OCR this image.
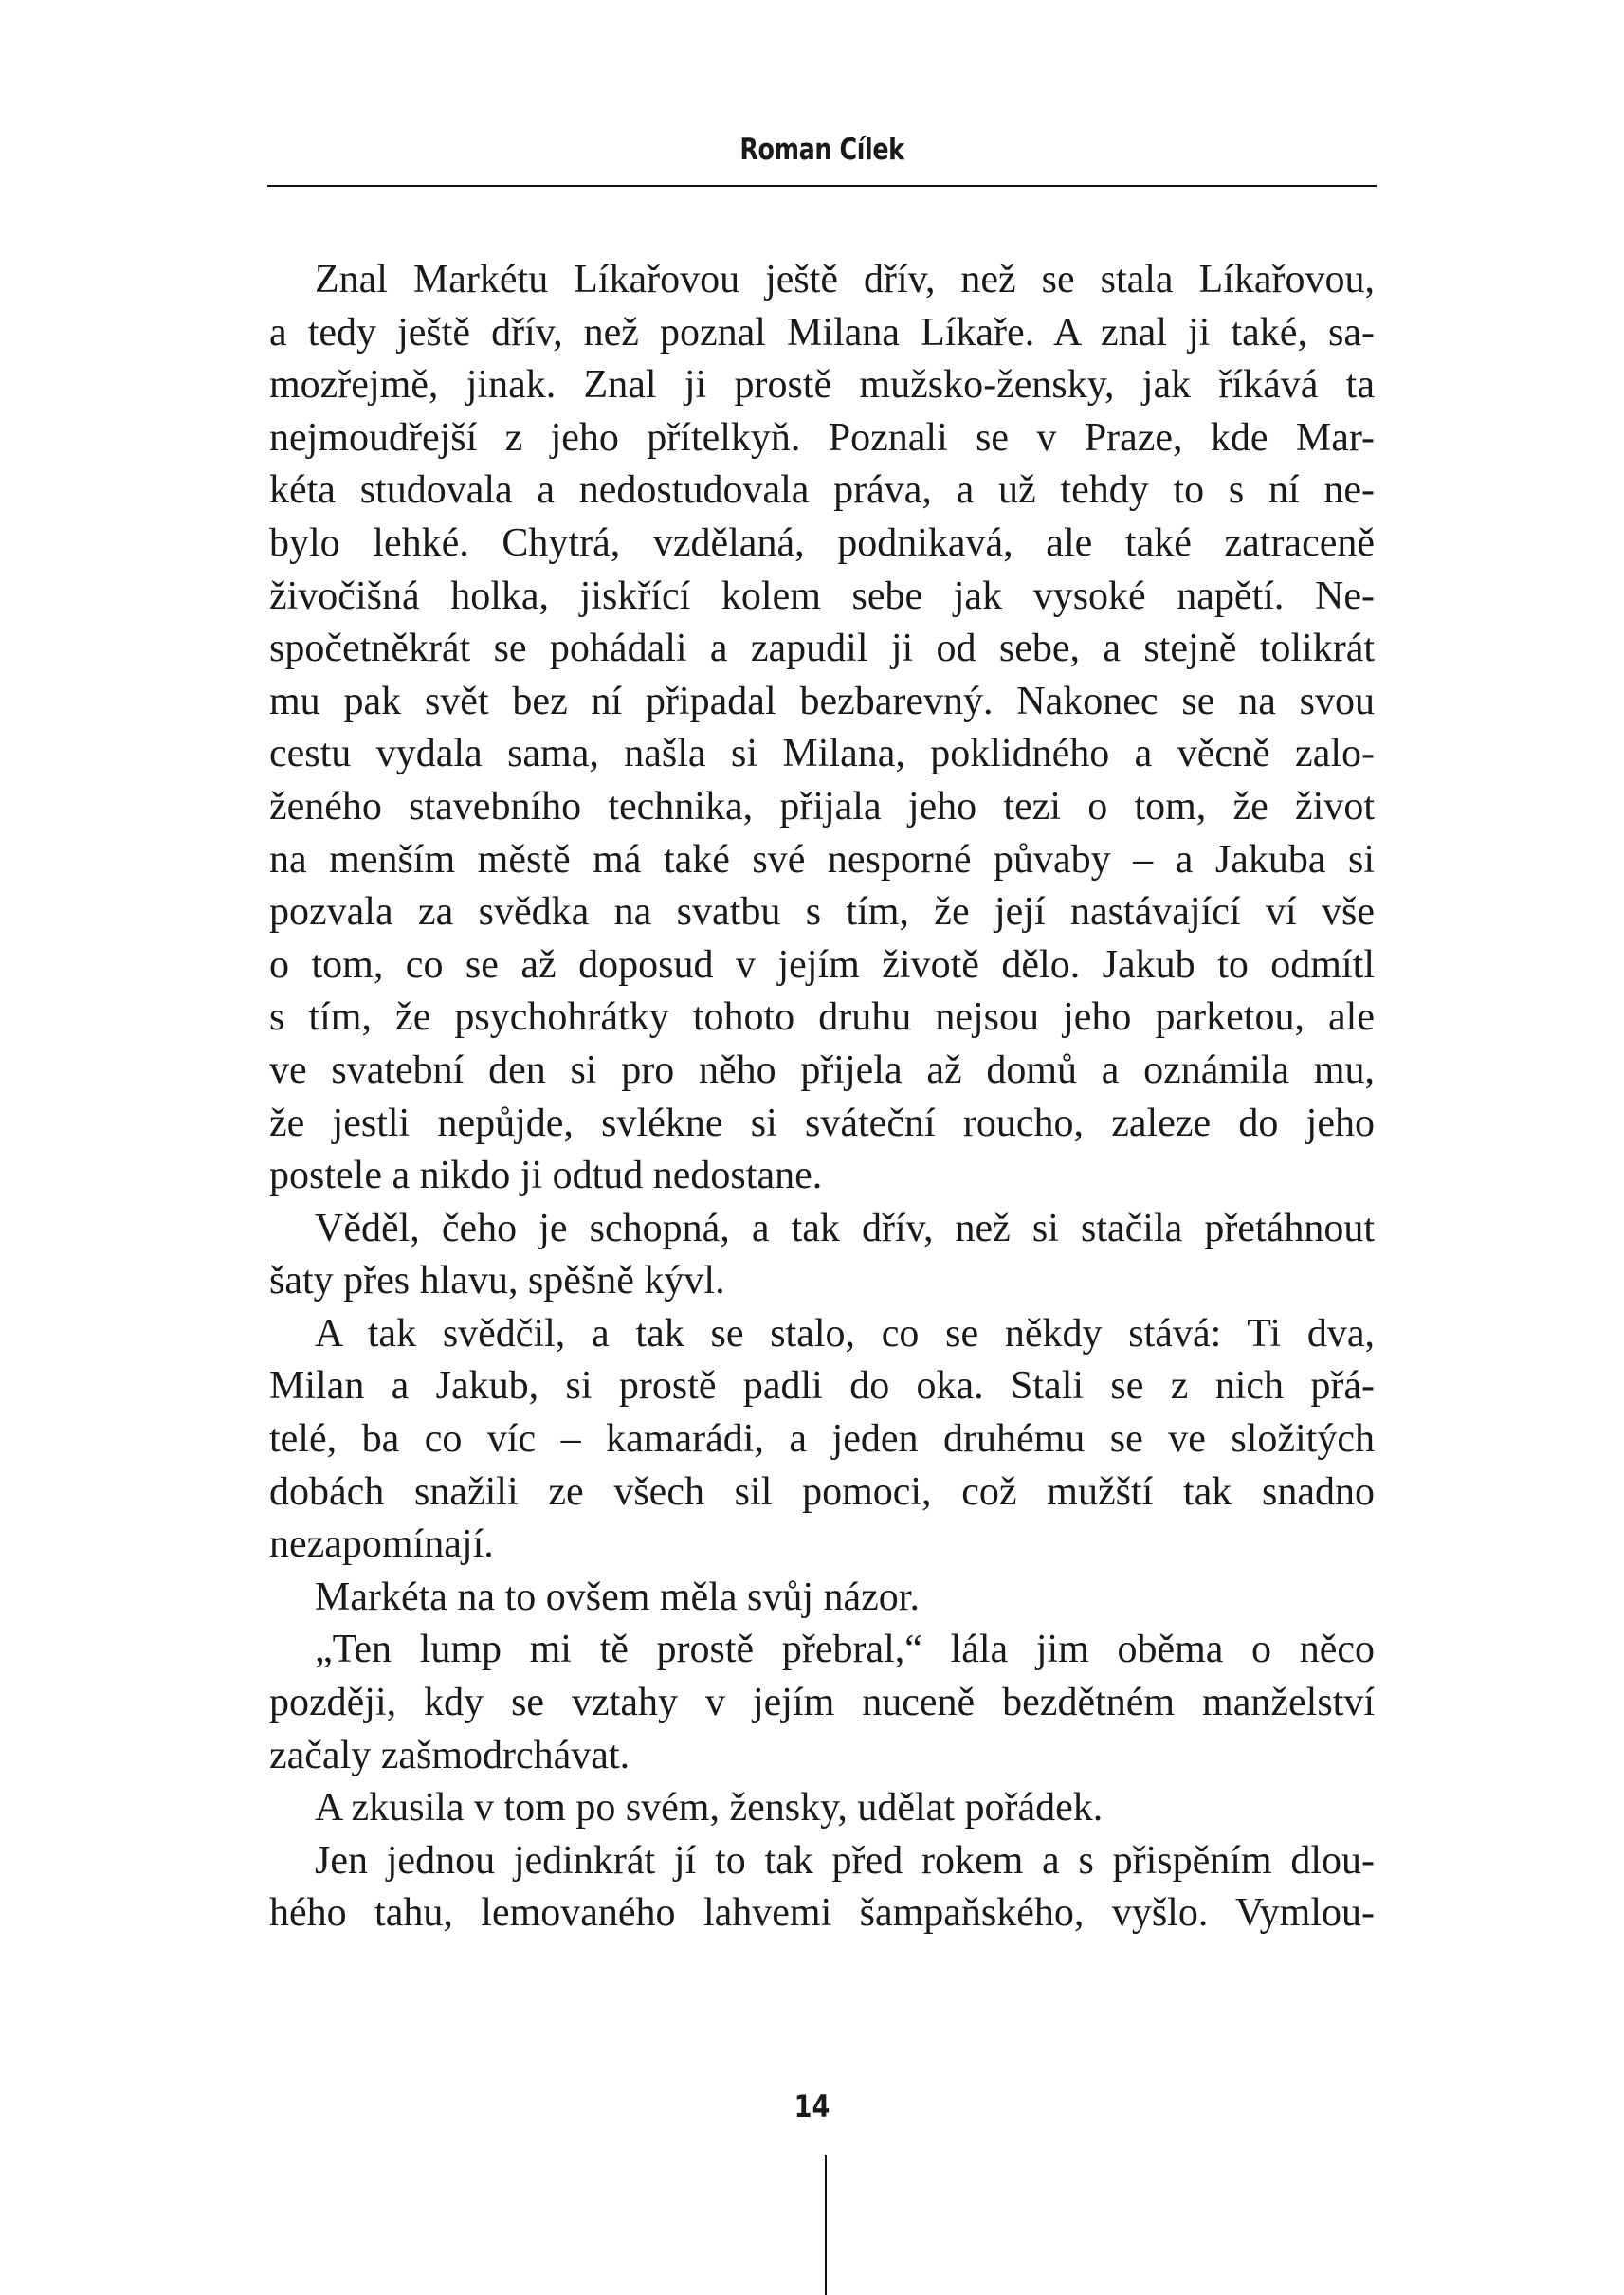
Roman Cílek
Znal Markétu Líkařovou ještě dřív, než se stala Líkařovou,
a tedy ještě dřív, než poznal Milana Líkaře. A znal ji také, sa-
mozřejmě, jinak. Znal ji prostě mužsko-žensky, jak říkává ta
nejmoudřejší z jeho přítelkyň. Poznali se v Praze, kde Mar-
kéta studovala a nedostudovala práva, a už tehdy to s ní ne-
bylo lehké. Chytrá, vzdělaná, podnikavá, ale také zatraceně
živočišná holka, jiskřící kolem sebe jak vysoké napětí. Ne-
spočetněkrát se pohádali a zapudil ji od sebe, a stejně tolikrát
mu pak svět bez ní připadal bezbarevný. Nakonec se na svou
cestu vydala sama, našla si Milana, poklidného a věcně zalo-
ženého stavebního technika, přijala jeho tezi o tom, že život
na menším městě má také své nesporné půvaby – a Jakuba si
pozvala za svědka na svatbu s tím, že její nastávající ví vše
o tom, co se až doposud v jejím životě dělo. Jakub to odmítl
s tím, že psychohrátky tohoto druhu nejsou jeho parketou, ale
ve svatební den si pro něho přijela až domů a oznámila mu,
že jestli nepůjde, svlékne si sváteční roucho, zaleze do jeho
postele a nikdo ji odtud nedostane.
Věděl, čeho je schopná, a tak dřív, než si stačila přetáhnout
šaty přes hlavu, spěšně kývl.
A tak svědčil, a tak se stalo, co se někdy stává: Ti dva,
Milan a Jakub, si prostě padli do oka. Stali se z nich přá-
telé, ba co víc – kamarádi, a jeden druhému se ve složitých
dobách snažili ze všech sil pomoci, což mužští tak snadno
nezapomínají.
Markéta na to ovšem měla svůj názor.
„Ten lump mi tě prostě přebral,“ lála jim oběma o něco
později, kdy se vztahy v jejím nuceně bezdětném manželství
začaly zašmodrchávat.
A zkusila v tom po svém, žensky, udělat pořádek.
Jen jednou jedinkrát jí to tak před rokem a s přispěním dlou-
hého tahu, lemovaného lahvemi šampaňského, vyšlo. Vymlou-
14
